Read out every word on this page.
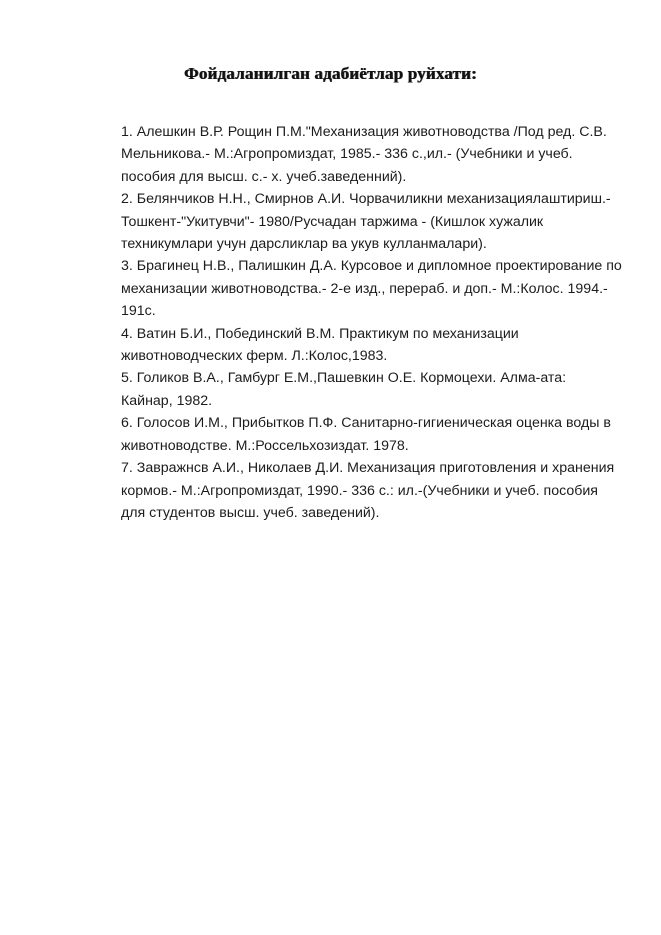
Фойдаланилган адабиётлар руйхати:
1. Алешкин В.Р. Рощин П.М."Механизация животноводства /Под ред. С.В.
Мельникова.- М.:Агропромиздат, 1985.- 336 с.,ил.- (Учебники и учеб.
пособия для высш. с.- х. учеб.заведенний).
2. Белянчиков Н.Н., Смирнов А.И. Чорвачиликни механизациялаштириш.-
Тошкент-"Укитувчи"- 1980/Русчадан таржима - (Кишлок хужалик
техникумлари учун дарсликлар ва укув кулланмалари).
3. Брагинец Н.В., Палишкин Д.А. Курсовое и дипломное проектирование по
механизации животноводства.- 2-е изд., перераб. и доп.- М.:Колос. 1994.-
191с.
4. Ватин Б.И., Побединский В.М. Практикум по механизации
животноводческих ферм. Л.:Колос,1983.
5. Голиков В.А., Гамбург Е.М.,Пашевкин О.Е. Кормоцехи. Алма-ата:
Кайнар, 1982.
6. Голосов И.М., Прибытков П.Ф. Санитарно-гигиеническая оценка воды в
животноводстве. М.:Россельхозиздат. 1978.
7. Завражнсв А.И., Николаев Д.И. Механизация приготовления и хранения
кормов.- М.:Агропромиздат, 1990.- 336 с.: ил.-(Учебники и учеб. пособия
для студентов высш. учеб. заведений).
